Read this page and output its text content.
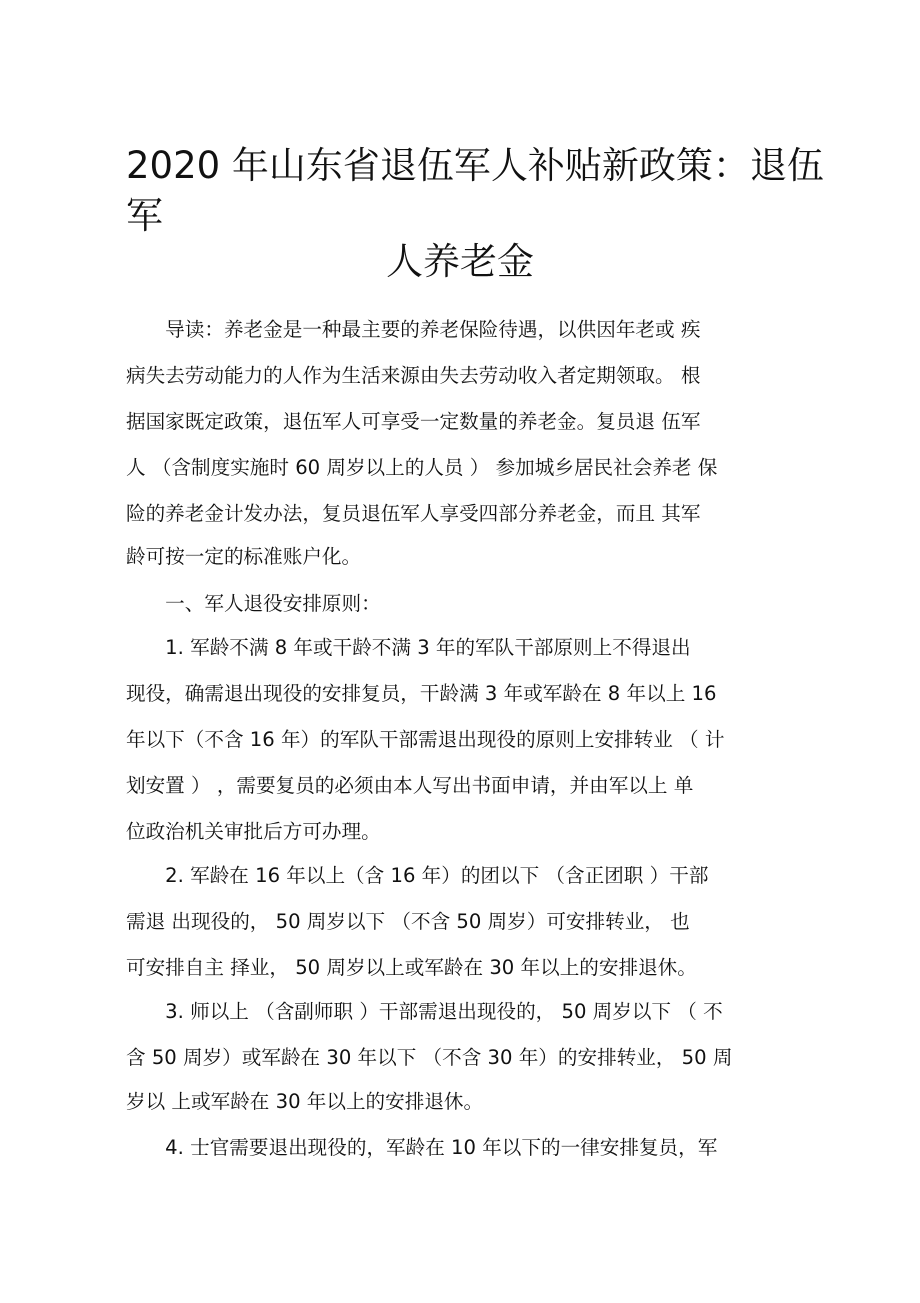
2020 年山东省退伍军人补贴新政策：退伍
军
人养老金
　　导读：养老金是一种最主要的养老保险待遇，以供因年老或 疾
病失去劳动能力的人作为生活来源由失去劳动收入者定期领取。 根
据国家既定政策，退伍军人可享受一定数量的养老金。复员退 伍军
人 （含制度实施时 60 周岁以上的人员 ） 参加城乡居民社会养老 保
险的养老金计发办法，复员退伍军人享受四部分养老金，而且 其军
龄可按一定的标准账户化。
　　一、军人退役安排原则：
　　1. 军龄不满 8 年或干龄不满 3 年的军队干部原则上不得退出
现役，确需退出现役的安排复员，干龄满 3 年或军龄在 8 年以上 16
年以下（不含 16 年）的军队干部需退出现役的原则上安排转业 （ 计
划安置 ） ，需要复员的必须由本人写出书面申请，并由军以上 单
位政治机关审批后方可办理。
　　2. 军龄在 16 年以上（含 16 年）的团以下 （含正团职 ）干部
需退 出现役的， 50 周岁以下 （不含 50 周岁）可安排转业， 也
可安排自主 择业， 50 周岁以上或军龄在 30 年以上的安排退休。
　　3. 师以上 （含副师职 ）干部需退出现役的， 50 周岁以下 （ 不
含 50 周岁）或军龄在 30 年以下 （不含 30 年）的安排转业， 50 周
岁以 上或军龄在 30 年以上的安排退休。
　　4. 士官需要退出现役的，军龄在 10 年以下的一律安排复员，军
